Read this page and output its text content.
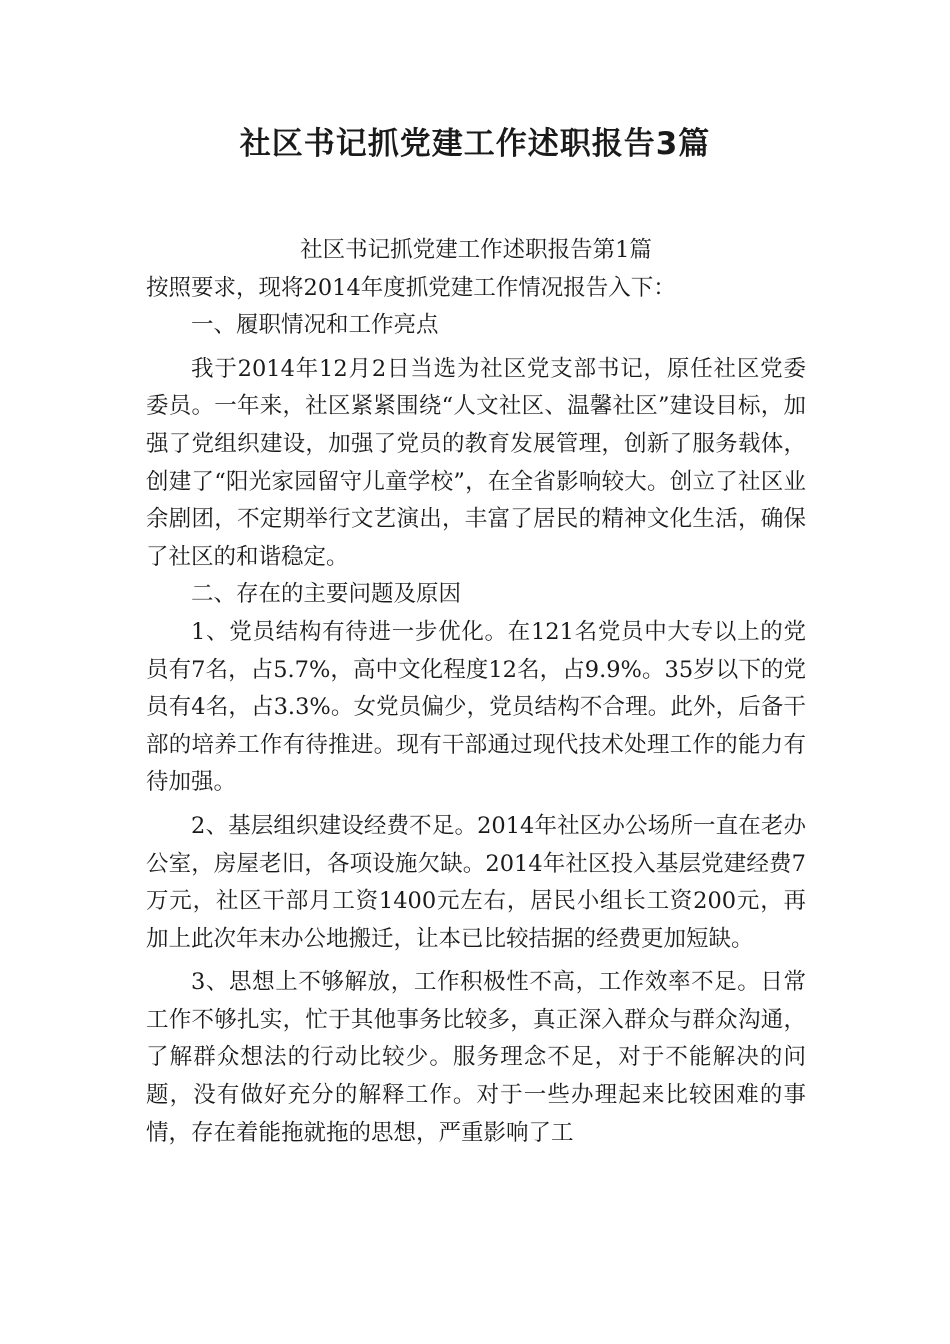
社区书记抓党建工作述职报告3篇

社区书记抓党建工作述职报告第1篇

按照要求，现将2014年度抓党建工作情况报告入下：

一、履职情况和工作亮点

我于2014年12月2日当选为社区党支部书记，原任社区党委委员。一年来，社区紧紧围绕“人文社区、温馨社区”建设目标，加强了党组织建设，加强了党员的教育发展管理，创新了服务载体，创建了“阳光家园留守儿童学校”，在全省影响较大。创立了社区业余剧团，不定期举行文艺演出，丰富了居民的精神文化生活，确保了社区的和谐稳定。

二、存在的主要问题及原因

1、党员结构有待进一步优化。在121名党员中大专以上的党员有7名，占5.7%，高中文化程度12名，占9.9%。35岁以下的党员有4名，占3.3%。女党员偏少，党员结构不合理。此外，后备干部的培养工作有待推进。现有干部通过现代技术处理工作的能力有待加强。

2、基层组织建设经费不足。2014年社区办公场所一直在老办公室，房屋老旧，各项设施欠缺。2014年社区投入基层党建经费7万元，社区干部月工资1400元左右，居民小组长工资200元，再加上此次年末办公地搬迁，让本已比较拮据的经费更加短缺。

3、思想上不够解放，工作积极性不高，工作效率不足。日常工作不够扎实，忙于其他事务比较多，真正深入群众与群众沟通，了解群众想法的行动比较少。服务理念不足，对于不能解决的问题，没有做好充分的解释工作。对于一些办理起来比较困难的事情，存在着能拖就拖的思想，严重影响了工
